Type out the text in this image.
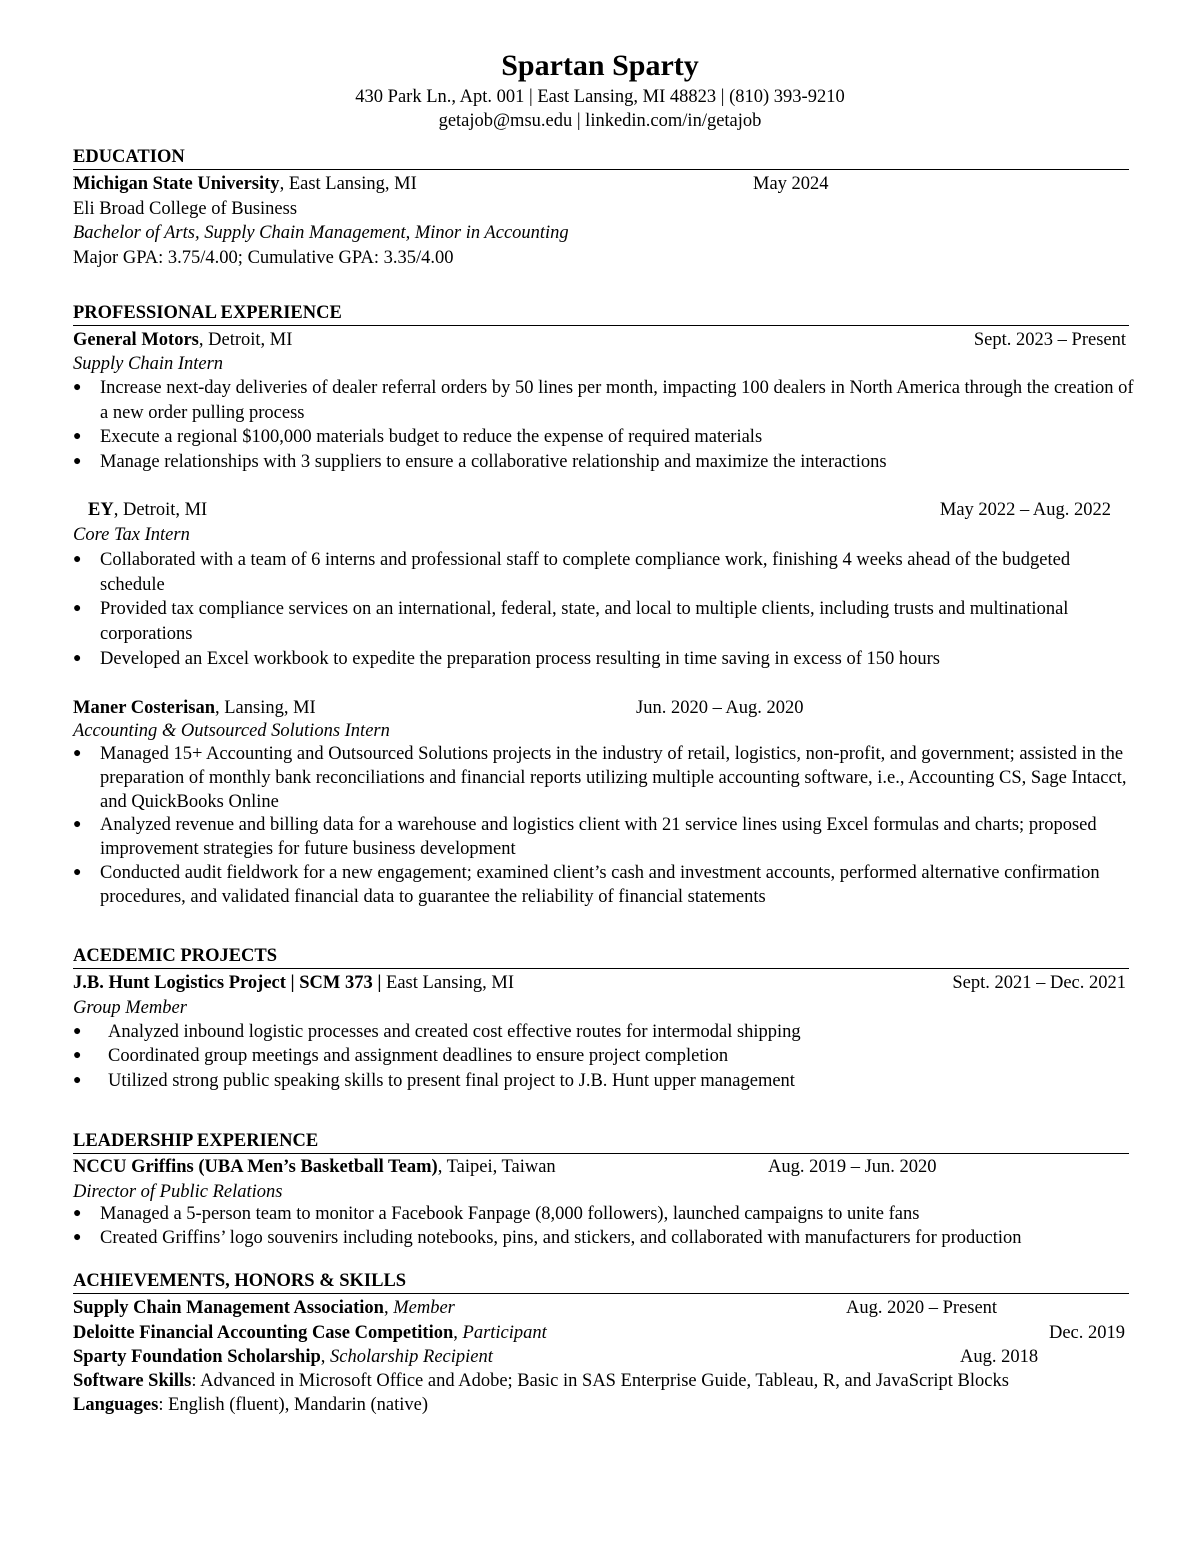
Spartan Sparty
430 Park Ln., Apt. 001 | East Lansing, MI 48823 | (810) 393-9210
getajob@msu.edu | linkedin.com/in/getajob
EDUCATION
Michigan State University, East Lansing, MI	May 2024
Eli Broad College of Business
Bachelor of Arts, Supply Chain Management, Minor in Accounting
Major GPA: 3.75/4.00; Cumulative GPA: 3.35/4.00
PROFESSIONAL EXPERIENCE
General Motors, Detroit, MI	Sept. 2023 – Present
Supply Chain Intern
● Increase next-day deliveries of dealer referral orders by 50 lines per month, impacting 100 dealers in North America through the creation of a new order pulling process
● Execute a regional $100,000 materials budget to reduce the expense of required materials
● Manage relationships with 3 suppliers to ensure a collaborative relationship and maximize the interactions
EY, Detroit, MI	May 2022 – Aug. 2022
Core Tax Intern
● Collaborated with a team of 6 interns and professional staff to complete compliance work, finishing 4 weeks ahead of the budgeted schedule
● Provided tax compliance services on an international, federal, state, and local to multiple clients, including trusts and multinational corporations
● Developed an Excel workbook to expedite the preparation process resulting in time saving in excess of 150 hours
Maner Costerisan, Lansing, MI	Jun. 2020 – Aug. 2020
Accounting & Outsourced Solutions Intern
● Managed 15+ Accounting and Outsourced Solutions projects in the industry of retail, logistics, non-profit, and government; assisted in the preparation of monthly bank reconciliations and financial reports utilizing multiple accounting software, i.e., Accounting CS, Sage Intacct, and QuickBooks Online
● Analyzed revenue and billing data for a warehouse and logistics client with 21 service lines using Excel formulas and charts; proposed improvement strategies for future business development
● Conducted audit fieldwork for a new engagement; examined client’s cash and investment accounts, performed alternative confirmation procedures, and validated financial data to guarantee the reliability of financial statements
ACEDEMIC PROJECTS
J.B. Hunt Logistics Project | SCM 373 | East Lansing, MI	Sept. 2021 – Dec. 2021
Group Member
● Analyzed inbound logistic processes and created cost effective routes for intermodal shipping
● Coordinated group meetings and assignment deadlines to ensure project completion
● Utilized strong public speaking skills to present final project to J.B. Hunt upper management
LEADERSHIP EXPERIENCE
NCCU Griffins (UBA Men’s Basketball Team), Taipei, Taiwan	Aug. 2019 – Jun. 2020
Director of Public Relations
● Managed a 5-person team to monitor a Facebook Fanpage (8,000 followers), launched campaigns to unite fans
● Created Griffins’ logo souvenirs including notebooks, pins, and stickers, and collaborated with manufacturers for production
ACHIEVEMENTS, HONORS & SKILLS
Supply Chain Management Association, Member	Aug. 2020 – Present
Deloitte Financial Accounting Case Competition, Participant	Dec. 2019
Sparty Foundation Scholarship, Scholarship Recipient	Aug. 2018
Software Skills: Advanced in Microsoft Office and Adobe; Basic in SAS Enterprise Guide, Tableau, R, and JavaScript Blocks
Languages: English (fluent), Mandarin (native)
